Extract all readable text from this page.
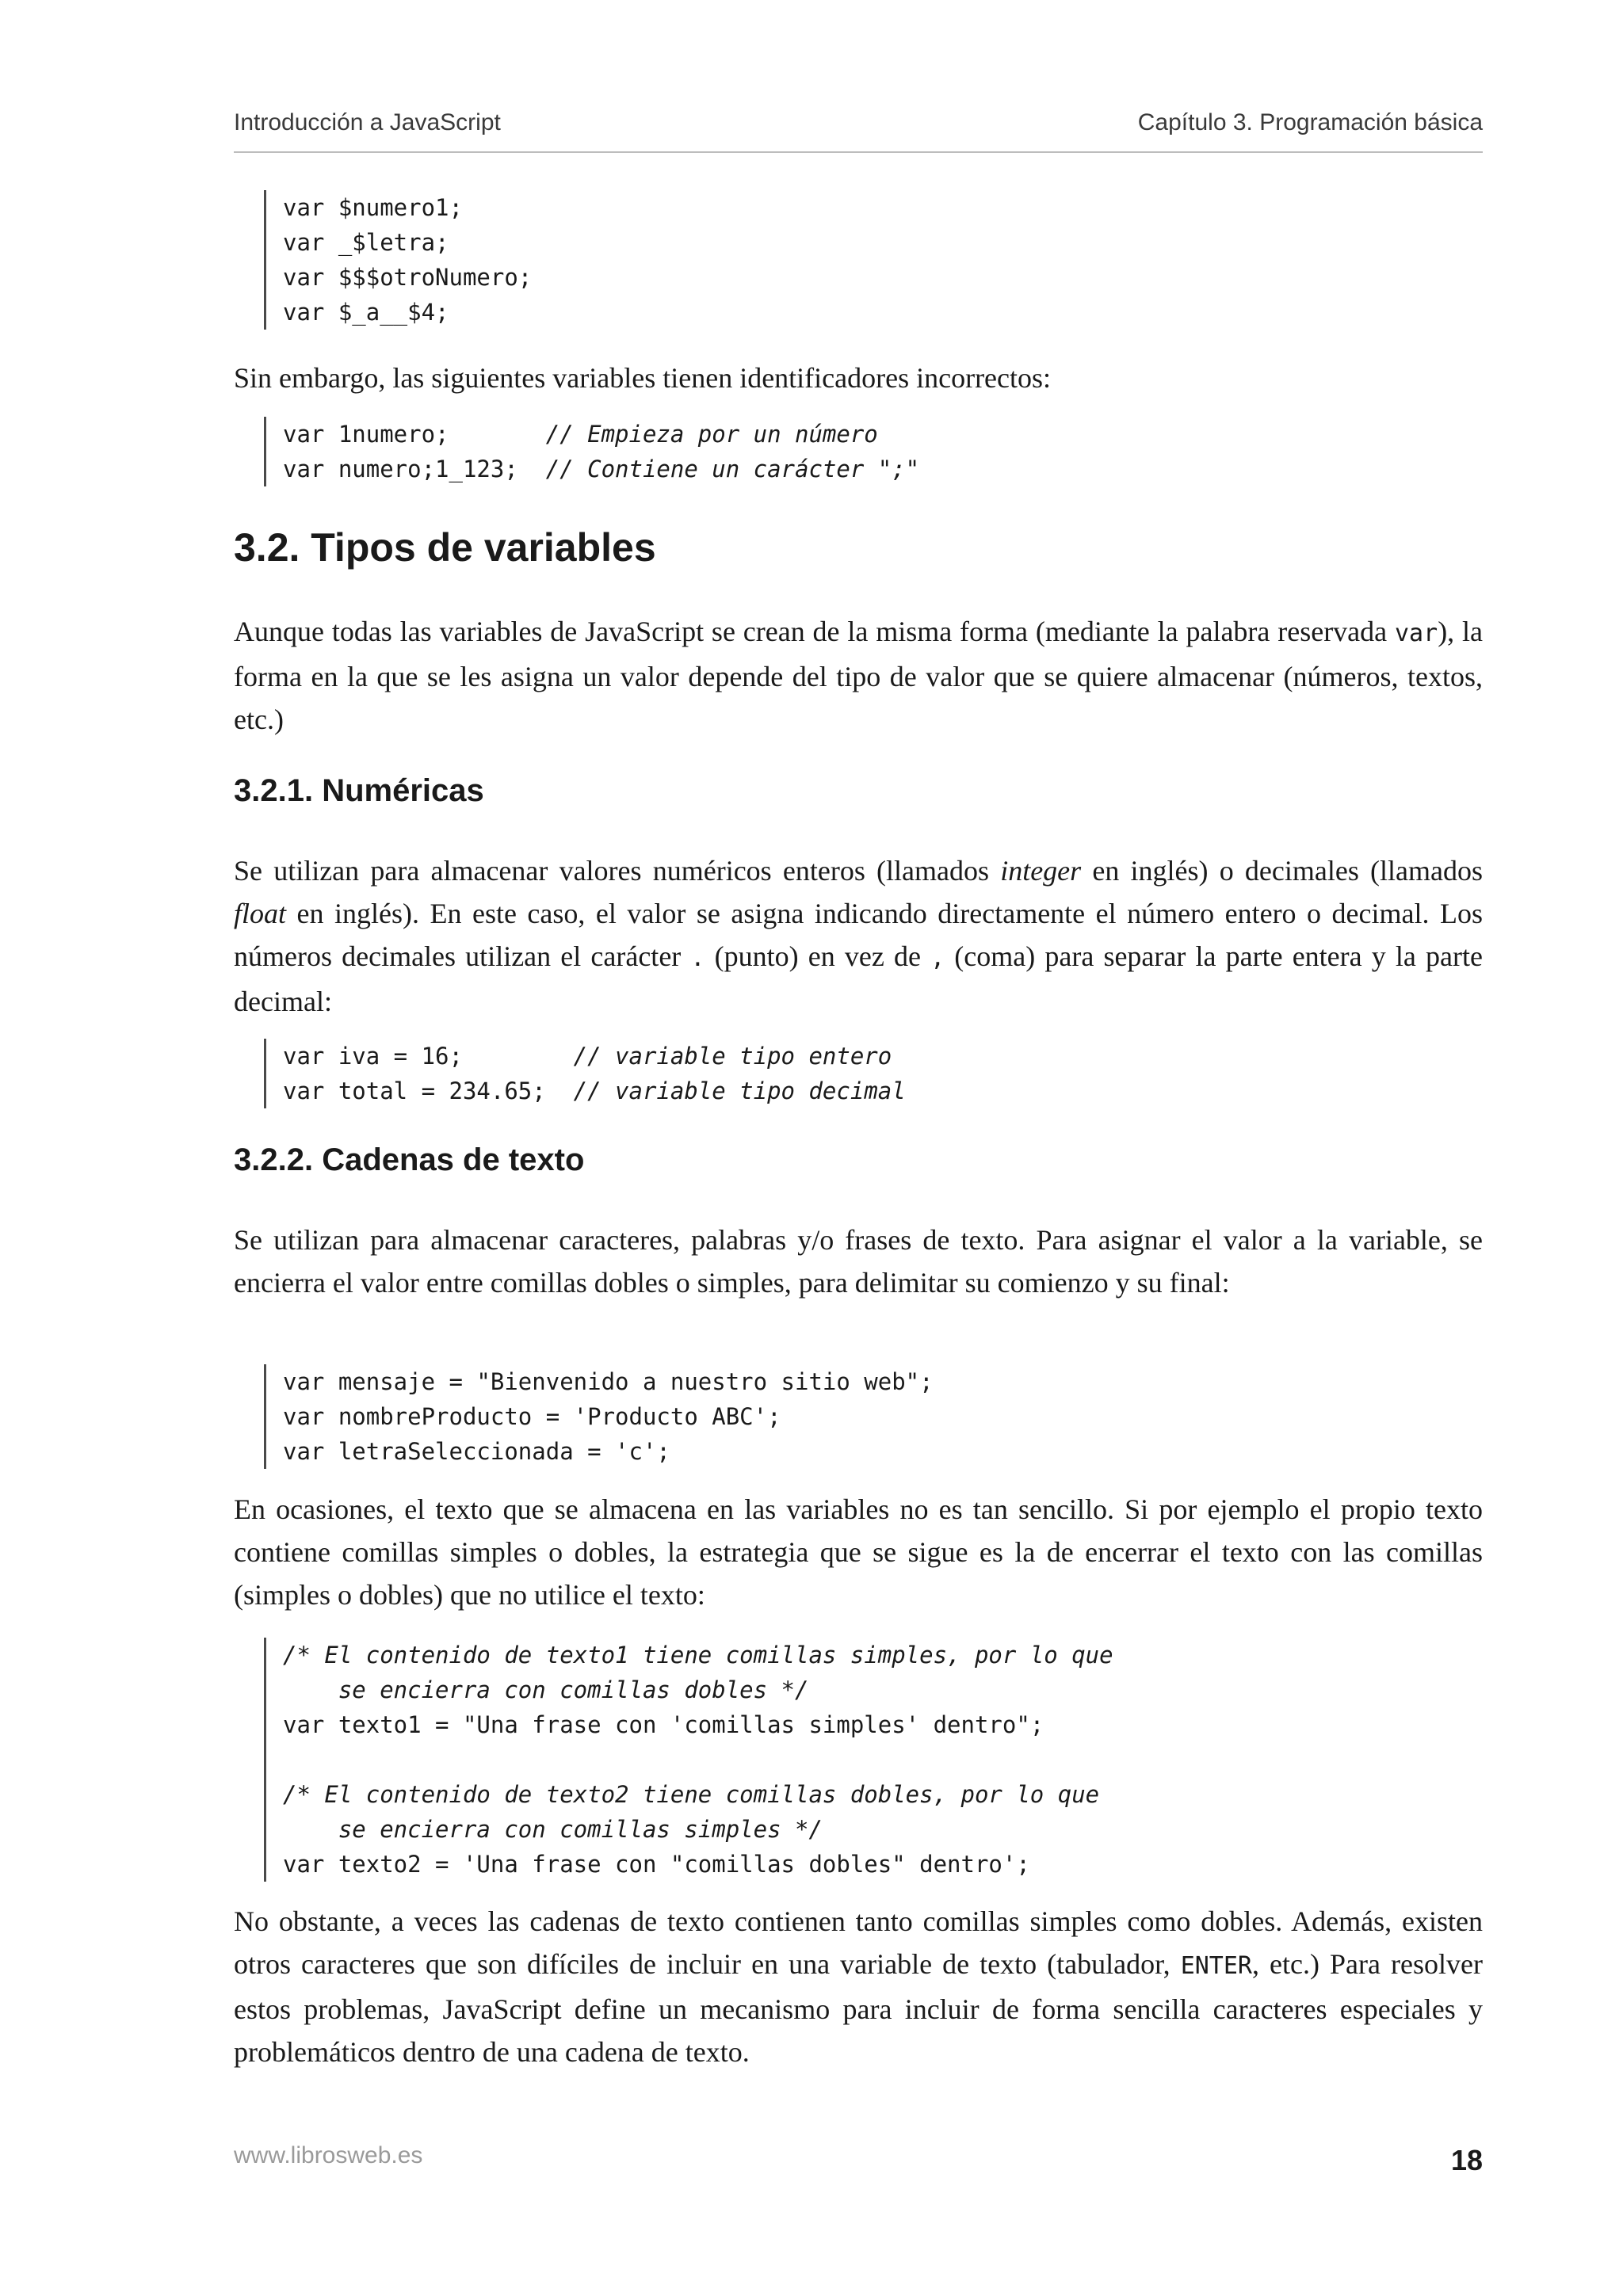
Introducción a JavaScript	Capítulo 3. Programación básica
var $numero1;
var _$letra;
var $$$otroNumero;
var $_a__$4;

Sin embargo, las siguientes variables tienen identificadores incorrectos:

var 1numero;       // Empieza por un número
var numero;1_123;  // Contiene un carácter ";"
3.2. Tipos de variables

Aunque todas las variables de JavaScript se crean de la misma forma (mediante la palabra reservada var), la forma en la que se les asigna un valor depende del tipo de valor que se quiere almacenar (números, textos, etc.)

3.2.1. Numéricas

Se utilizan para almacenar valores numéricos enteros (llamados integer en inglés) o decimales (llamados float en inglés). En este caso, el valor se asigna indicando directamente el número entero o decimal. Los números decimales utilizan el carácter . (punto) en vez de , (coma) para separar la parte entera y la parte decimal:

var iva = 16;        // variable tipo entero
var total = 234.65;  // variable tipo decimal
3.2.2. Cadenas de texto

Se utilizan para almacenar caracteres, palabras y/o frases de texto. Para asignar el valor a la variable, se encierra el valor entre comillas dobles o simples, para delimitar su comienzo y su final:

var mensaje = "Bienvenido a nuestro sitio web";
var nombreProducto = 'Producto ABC';
var letraSeleccionada = 'c';

En ocasiones, el texto que se almacena en las variables no es tan sencillo. Si por ejemplo el propio texto contiene comillas simples o dobles, la estrategia que se sigue es la de encerrar el texto con las comillas (simples o dobles) que no utilice el texto:

/* El contenido de texto1 tiene comillas simples, por lo que
se encierra con comillas dobles */
var texto1 = "Una frase con 'comillas simples' dentro";
/* El contenido de texto2 tiene comillas dobles, por lo que
se encierra con comillas simples */
var texto2 = 'Una frase con "comillas dobles" dentro';

No obstante, a veces las cadenas de texto contienen tanto comillas simples como dobles. Además, existen otros caracteres que son difíciles de incluir en una variable de texto (tabulador, ENTER, etc.) Para resolver estos problemas, JavaScript define un mecanismo para incluir de forma sencilla caracteres especiales y problemáticos dentro de una cadena de texto.

www.librosweb.es	18
